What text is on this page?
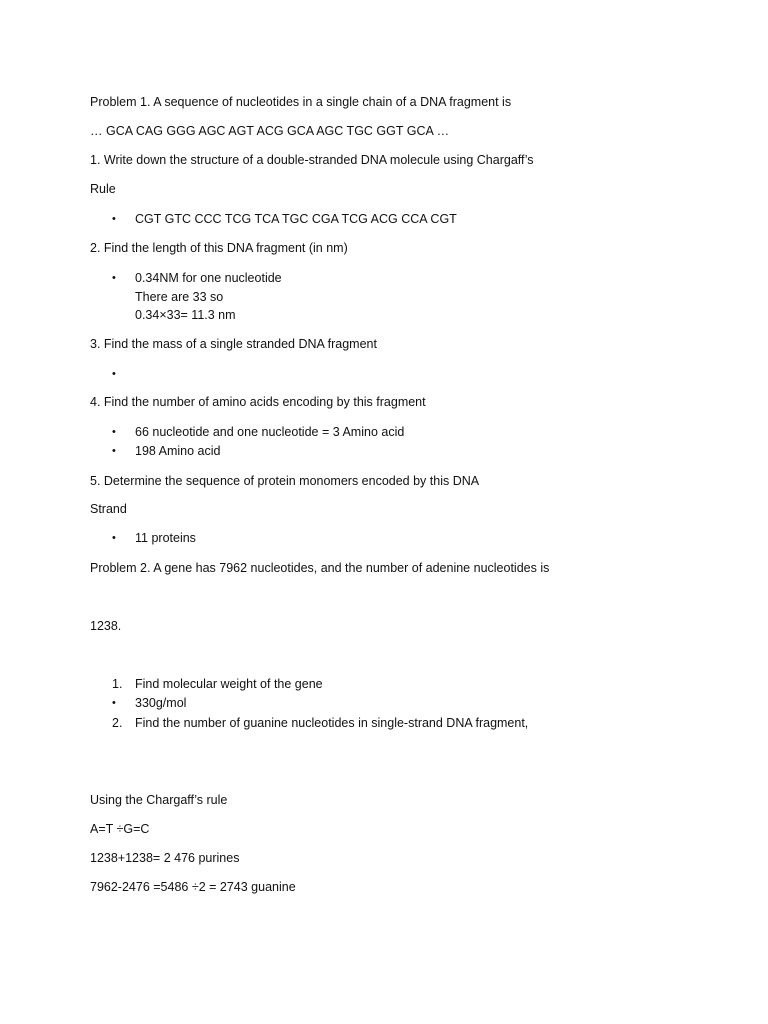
Problem 1. A sequence of nucleotides in a single chain of a DNA fragment is
… GCA CAG GGG AGC AGT ACG GCA AGC TGC GGT GCA …
1. Write down the structure of a double-stranded DNA molecule using Chargaff’s
Rule
•	CGT GTC CCC TCG TCA TGC CGA TCG ACG CCA CGT
2. Find the length of this DNA fragment (in nm)
•	0.34NM for one nucleotide
There are 33 so
0.34×33= 11.3 nm
3. Find the mass of a single stranded DNA fragment
•
4. Find the number of amino acids encoding by this fragment
•	66 nucleotide and one nucleotide = 3 Amino acid
•	198 Amino acid
5. Determine the sequence of protein monomers encoded by this DNA
Strand
•	11 proteins
Problem 2. A gene has 7962 nucleotides, and the number of adenine nucleotides is
1238.
1. Find molecular weight of the gene
• 330g/mol
2. Find the number of guanine nucleotides in single-strand DNA fragment,
Using the Chargaff’s rule
A=T ÷G=C
1238+1238= 2 476 purines
7962-2476 =5486 ÷2 = 2743 guanine
